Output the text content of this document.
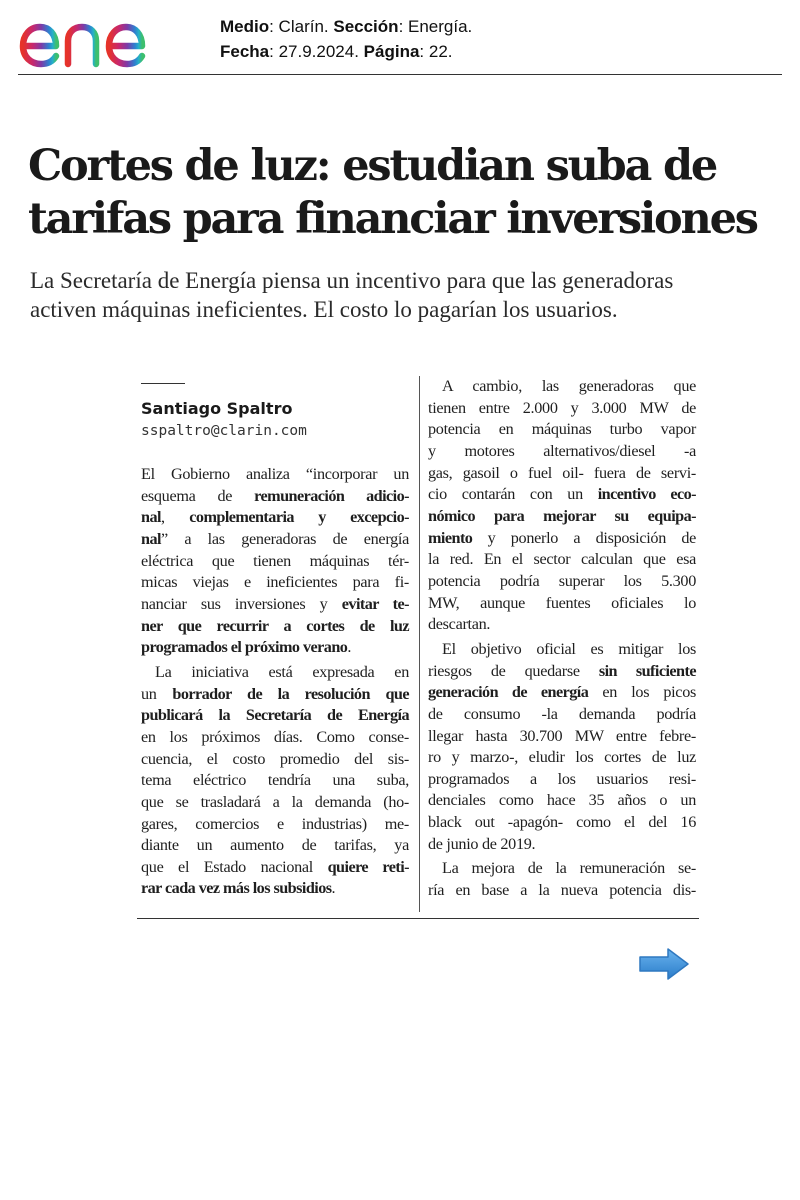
Medio: Clarín. Sección: Energía.
Fecha: 27.9.2024. Página: 22.
Cortes de luz: estudian suba de
tarifas para financiar inversiones
La Secretaría de Energía piensa un incentivo para que las generadoras
activen máquinas ineficientes. El costo lo pagarían los usuarios.
Santiago Spaltro
sspaltro@clarin.com

El Gobierno analiza “incorporar un

esquema de remuneración adicio-

nal, complementaria y excepcio-

nal” a las generadoras de energía

eléctrica que tienen máquinas tér-

micas viejas e ineficientes para fi-

nanciar sus inversiones y evitar te-

ner que recurrir a cortes de luz

programados el próximo verano.

La iniciativa está expresada en

un borrador de la resolución que

publicará la Secretaría de Energía

en los próximos días. Como conse-

cuencia, el costo promedio del sis-

tema eléctrico tendría una suba,

que se trasladará a la demanda (ho-

gares, comercios e industrias) me-

diante un aumento de tarifas, ya

que el Estado nacional quiere reti-

rar cada vez más los subsidios.

A cambio, las generadoras que

tienen entre 2.000 y 3.000 MW de

potencia en máquinas turbo vapor

y motores alternativos/diesel -a

gas, gasoil o fuel oil- fuera de servi-

cio contarán con un incentivo eco-

nómico para mejorar su equipa-

miento y ponerlo a disposición de

la red. En el sector calculan que esa

potencia podría superar los 5.300

MW, aunque fuentes oficiales lo

descartan.

El objetivo oficial es mitigar los

riesgos de quedarse sin suficiente

generación de energía en los picos

de consumo -la demanda podría

llegar hasta 30.700 MW entre febre-

ro y marzo-, eludir los cortes de luz

programados a los usuarios resi-

denciales como hace 35 años o un

black out -apagón- como el del 16

de junio de 2019.

La mejora de la remuneración se-

ría en base a la nueva potencia dis-
